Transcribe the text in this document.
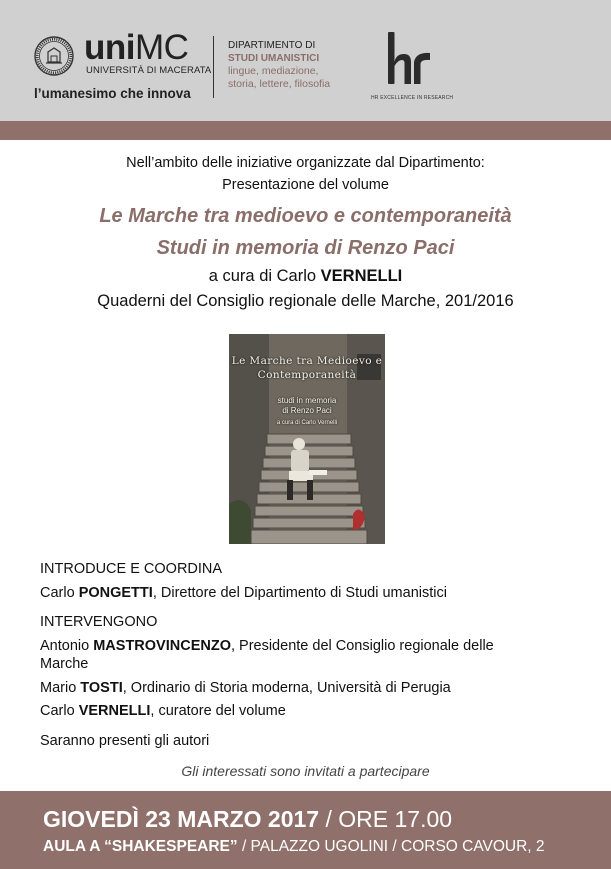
uniMC
UNIVERSITÀ DI MACERATA
l’umanesimo che innova
DIPARTIMENTO DI
STUDI UMANISTICI
lingue, mediazione,
storia, lettere, filosofia
HR EXCELLENCE IN RESEARCH
Nell’ambito delle iniziative organizzate dal Dipartimento:
Presentazione del volume
Le Marche tra medioevo e contemporaneità
Studi in memoria di Renzo Paci
a cura di Carlo VERNELLI
Quaderni del Consiglio regionale delle Marche, 201/2016
Le Marche tra Medioevo e
Contemporaneità
studi in memoria
di Renzo Paci
a cura di Carlo Vernelli
INTRODUCE E COORDINA
Carlo PONGETTI, Direttore del Dipartimento di Studi umanistici
INTERVENGONO
Antonio MASTROVINCENZO, Presidente del Consiglio regionale delle
Marche
Mario TOSTI, Ordinario di Storia moderna, Università di Perugia
Carlo VERNELLI, curatore del volume
Saranno presenti gli autori
Gli interessati sono invitati a partecipare
GIOVEDÌ 23 MARZO 2017 / ORE 17.00
AULA A “SHAKESPEARE” / PALAZZO UGOLINI / CORSO CAVOUR, 2
